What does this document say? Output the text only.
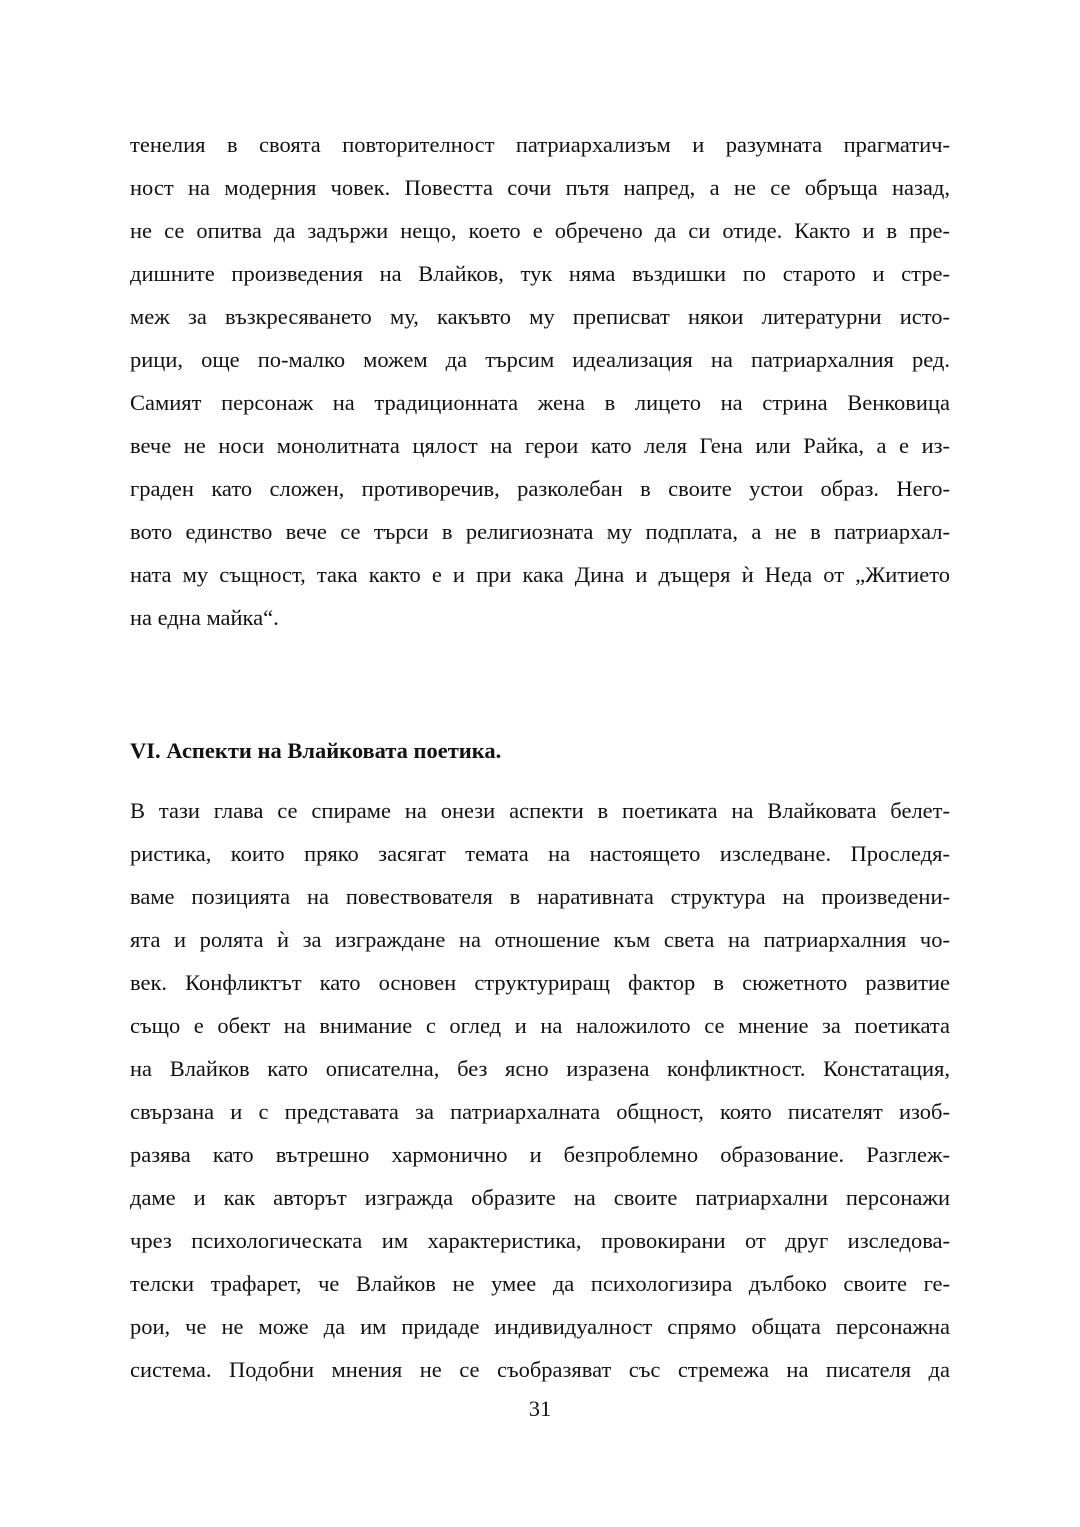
тенелия в своята повторителност патриархализъм и разумната прагматич-
ност на модерния човек. Повестта сочи пътя напред, а не се обръща назад,
не се опитва да задържи нещо, което е обречено да си отиде. Както и в пре-
дишните произведения на Влайков, тук няма въздишки по старото и стре-
меж за възкресяването му, какъвто му преписват някои литературни исто-
рици, още по-малко можем да търсим идеализация на патриархалния ред.
Самият персонаж на традиционната жена в лицето на стрина Венковица
вече не носи монолитната цялост на герои като леля Гена или Райка, а е из-
граден като сложен, противоречив, разколебан в своите устои образ. Него-
вото единство вече се търси в религиозната му подплата, а не в патриархал-
ната му същност, така както е и при кака Дина и дъщеря ѝ Неда от „Житието
на една майка“.
VI. Аспекти на Влайковата поетика.
В тази глава се спираме на онези аспекти в поетиката на Влайковата белет-
ристика, които пряко засягат темата на настоящето изследване. Проследя-
ваме позицията на повествователя в наративната структура на произведени-
ята и ролята ѝ за изграждане на отношение към света на патриархалния чо-
век. Конфликтът като основен структуриращ фактор в сюжетното развитие
също е обект на внимание с оглед и на наложилото се мнение за поетиката
на Влайков като описателна, без ясно изразена конфликтност. Констатация,
свързана и с представата за патриархалната общност, която писателят изоб-
разява като вътрешно хармонично и безпроблемно образование. Разглеж-
даме и как авторът изгражда образите на своите патриархални персонажи
чрез психологическата им характеристика, провокирани от друг изследова-
телски трафарет, че Влайков не умее да психологизира дълбоко своите ге-
рои, че не може да им придаде индивидуалност спрямо общата персонажна
система. Подобни мнения не се съобразяват със стремежа на писателя да
31
